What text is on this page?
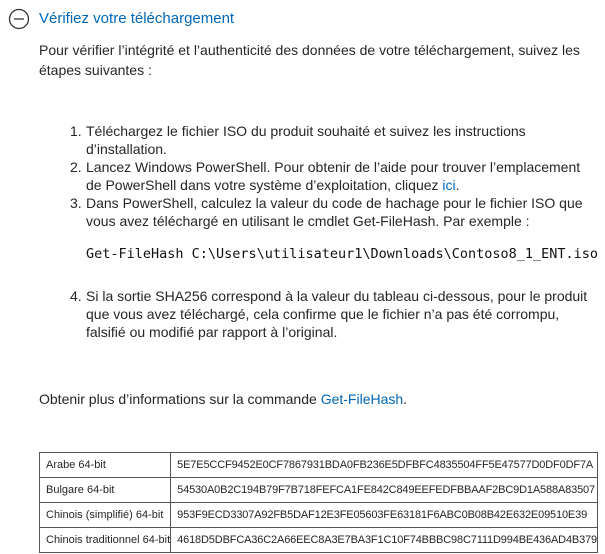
Vérifiez votre téléchargement

Pour vérifier l’intégrité et l’authenticité des données de votre téléchargement, suivez les étapes suivantes :

1. Téléchargez le fichier ISO du produit souhaité et suivez les instructions d’installation.
2. Lancez Windows PowerShell. Pour obtenir de l’aide pour trouver l’emplacement de PowerShell dans votre système d’exploitation, cliquez ici.
3. Dans PowerShell, calculez la valeur du code de hachage pour le fichier ISO que vous avez téléchargé en utilisant le cmdlet Get-FileHash. Par exemple :
Get-FileHash C:\Users\utilisateur1\Downloads\Contoso8_1_ENT.iso
4. Si la sortie SHA256 correspond à la valeur du tableau ci-dessous, pour le produit que vous avez téléchargé, cela confirme que le fichier n’a pas été corrompu, falsifié ou modifié par rapport à l’original.

Obtenir plus d’informations sur la commande Get-FileHash.

Arabe 64-bit	5E7E5CCF9452E0CF7867931BDA0FB236E5DFBFC4835504FF5E47577D0DF0DF7A
Bulgare 64-bit	54530A0B2C194B79F7B718FEFCA1FE842C849EEFEDFBBAAF2BC9D1A588A83507
Chinois (simplifié) 64-bit	953F9ECD3307A92FB5DAF12E3FE05603FE63181F6ABC0B08B42E632E09510E39
Chinois traditionnel 64-bit	4618D5DBFCA36C2A66EEC8A3E7BA3F1C10F74BBBC98C7111D994BE436AD4B379
